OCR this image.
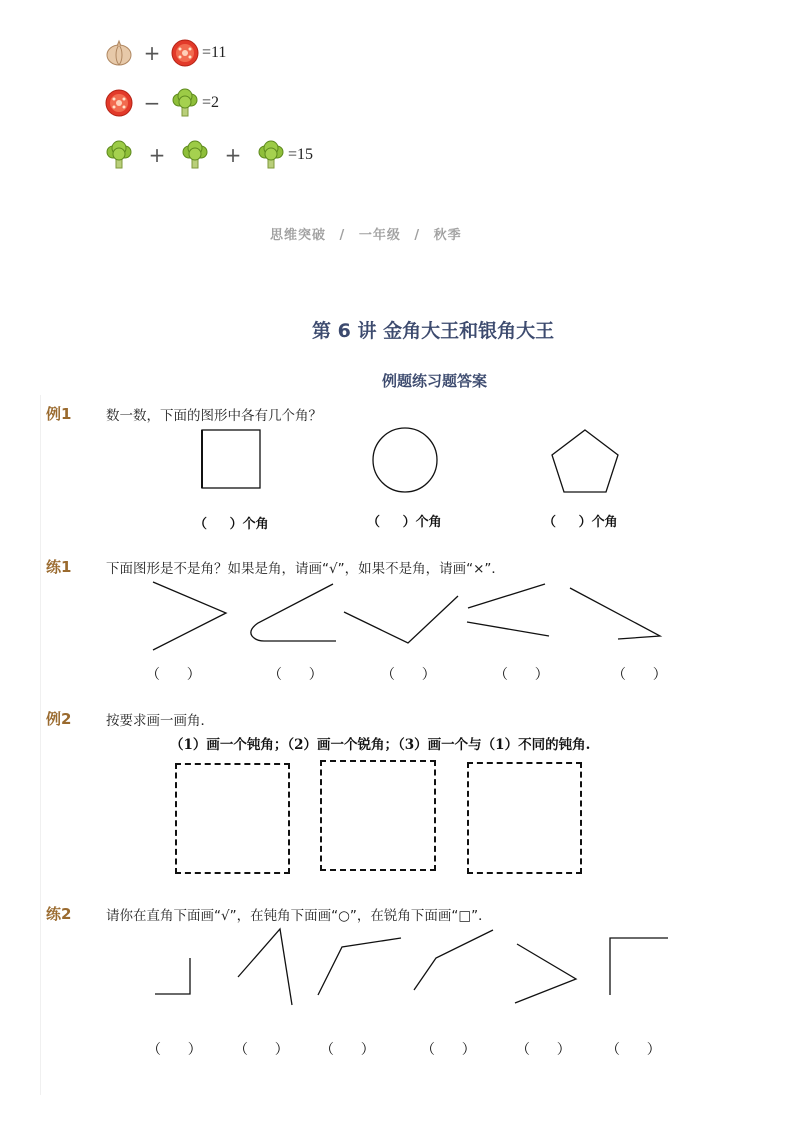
+	=11
−	=2
+	+	=15
思维突破 / 一年级 / 秋季
第 6 讲 金角大王和银角大王
例题练习题答案
例1	数一数，下面的图形中各有几个角？
（     ）个角	（     ）个角	（     ）个角
练1	下面图形是不是角？如果是角，请画“√”，如果不是角，请画“×”．
（      ）	（      ）	（      ）	（      ）	（      ）
例2	按要求画一画角．
（1）画一个钝角；（2）画一个锐角；（3）画一个与（1）不同的钝角.
练2	请你在直角下面画“√”，在钝角下面画“○”，在锐角下面画“□”．
（      ） （      ） （      ）	（      ）	（      ）	（      ）
